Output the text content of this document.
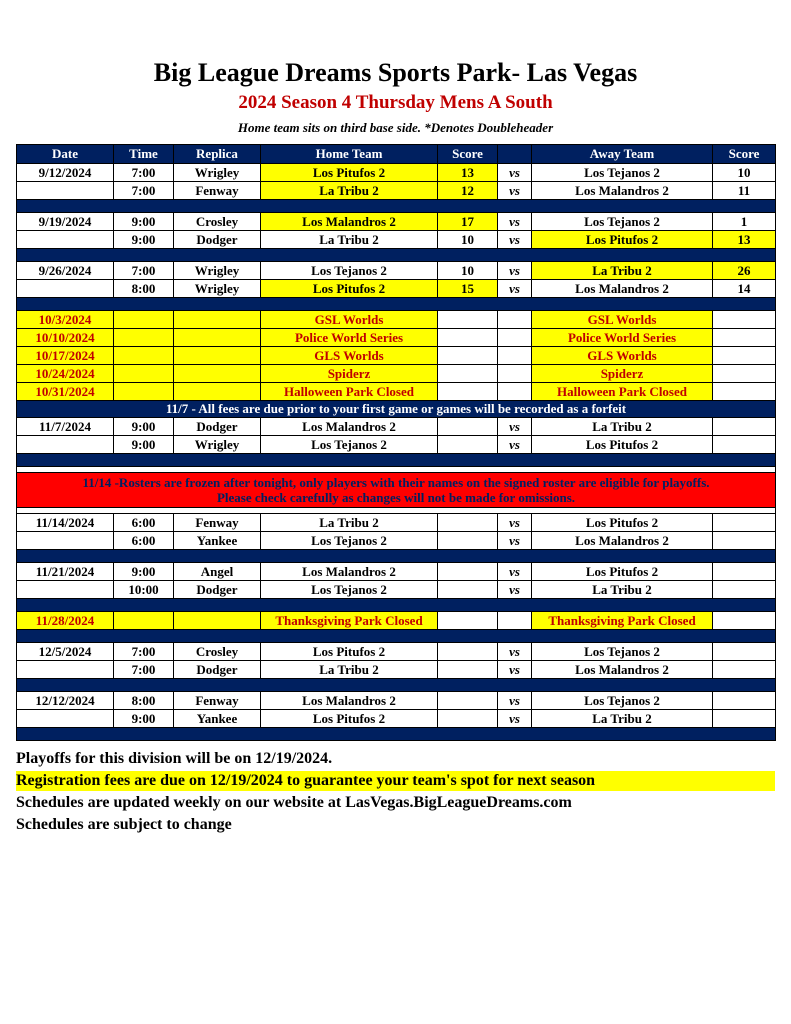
Big League Dreams Sports Park- Las Vegas
2024 Season 4 Thursday Mens A South
Home team sits on third base side. *Denotes Doubleheader
Date	Time	Replica	Home Team	Score		Away Team	Score
9/12/2024	7:00	Wrigley	Los Pitufos 2	13	vs	Los Tejanos 2	10
	7:00	Fenway	La Tribu 2	12	vs	Los Malandros 2	11

9/19/2024	9:00	Crosley	Los Malandros 2	17	vs	Los Tejanos 2	1
	9:00	Dodger	La Tribu 2	10	vs	Los Pitufos 2	13

9/26/2024	7:00	Wrigley	Los Tejanos 2	10	vs	La Tribu 2	26
	8:00	Wrigley	Los Pitufos 2	15	vs	Los Malandros 2	14

10/3/2024			GSL Worlds			GSL Worlds	
10/10/2024			Police World Series			Police World Series	
10/17/2024			GLS Worlds			GLS Worlds	
10/24/2024			Spiderz			Spiderz	
10/31/2024			Halloween Park Closed			Halloween Park Closed	
11/7 - All fees are due prior to your first game or games will be recorded as a forfeit							
11/7/2024	9:00	Dodger	Los Malandros 2		vs	La Tribu 2	
	9:00	Wrigley	Los Tejanos 2		vs	Los Pitufos 2	

11/14 -Rosters are frozen after tonight, only players with their names on the signed roster are eligible for playoffs.
Please check carefully as changes will not be made for omissions.							

11/14/2024	6:00	Fenway	La Tribu 2		vs	Los Pitufos 2	
	6:00	Yankee	Los Tejanos 2		vs	Los Malandros 2	

11/21/2024	9:00	Angel	Los Malandros 2		vs	Los Pitufos 2	
	10:00	Dodger	Los Tejanos 2		vs	La Tribu 2	

11/28/2024			Thanksgiving Park Closed			Thanksgiving Park Closed	

12/5/2024	7:00	Crosley	Los Pitufos 2		vs	Los Tejanos 2	
	7:00	Dodger	La Tribu 2		vs	Los Malandros 2	

12/12/2024	8:00	Fenway	Los Malandros 2		vs	Los Tejanos 2	
	9:00	Yankee	Los Pitufos 2		vs	La Tribu 2	

Playoffs for this division will be on 12/19/2024.
Registration fees are due on 12/19/2024 to guarantee your team's spot for next season
Schedules are updated weekly on our website at LasVegas.BigLeagueDreams.com
Schedules are subject to change
